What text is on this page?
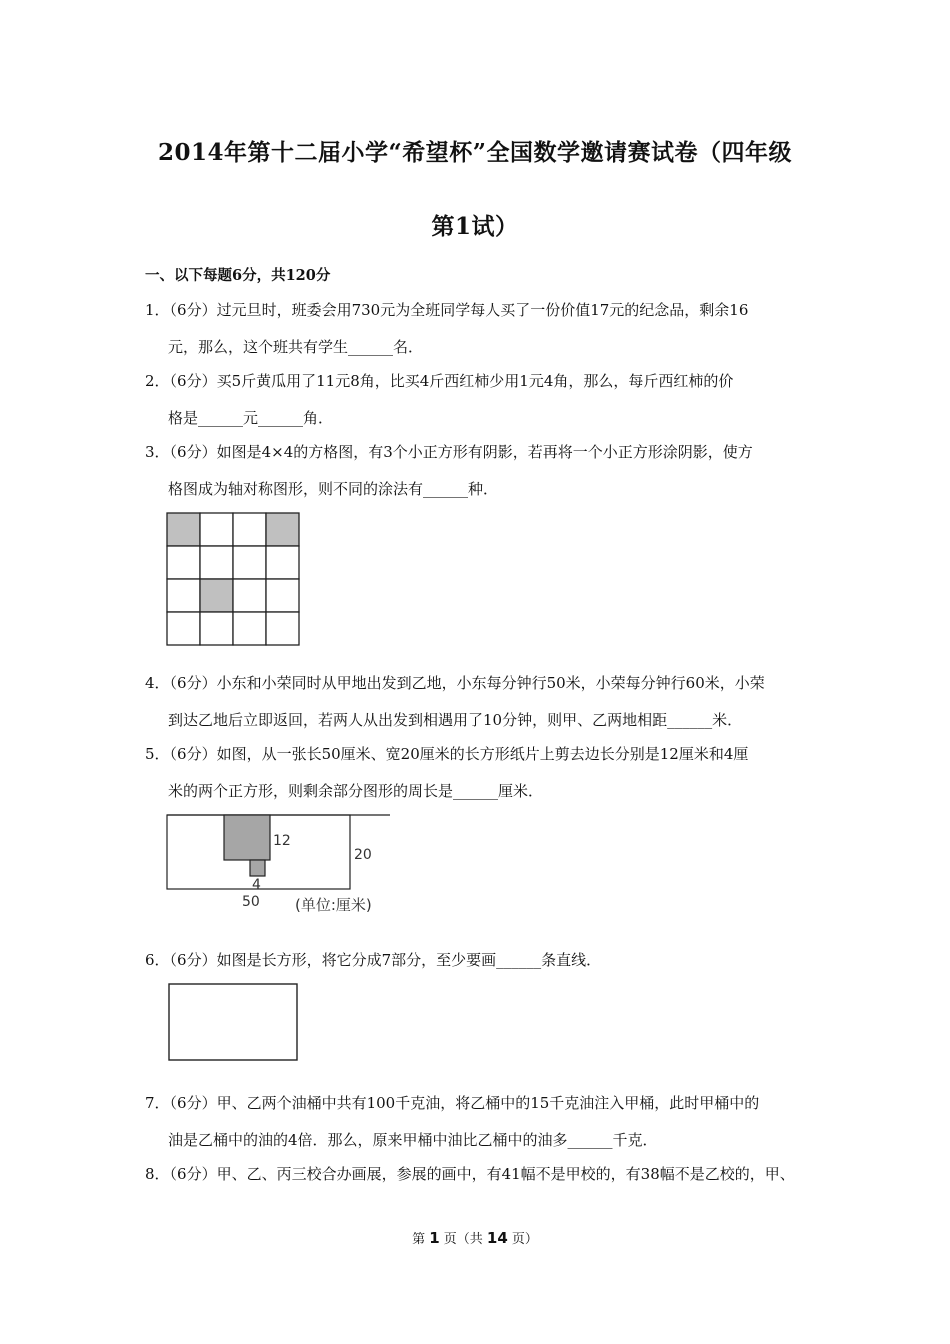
2014年第十二届小学“希望杯”全国数学邀请赛试卷（四年级
第1试）
一、以下每题6分，共120分
1．（6分）过元旦时，班委会用730元为全班同学每人买了一份价值17元的纪念品，剩余16
元，那么，这个班共有学生______名．
2．（6分）买5斤黄瓜用了11元8角，比买4斤西红柿少用1元4角，那么，每斤西红柿的价
格是______元______角．
3．（6分）如图是4×4的方格图，有3个小正方形有阴影，若再将一个小正方形涂阴影，使方
格图成为轴对称图形，则不同的涂法有______种．
4．（6分）小东和小荣同时从甲地出发到乙地，小东每分钟行50米，小荣每分钟行60米，小荣
到达乙地后立即返回，若两人从出发到相遇用了10分钟，则甲、乙两地相距______米．
5．（6分）如图，从一张长50厘米、宽20厘米的长方形纸片上剪去边长分别是12厘米和4厘
米的两个正方形，则剩余部分图形的周长是______厘米．
12
20
4
50 (单位:厘米)
6．（6分）如图是长方形，将它分成7部分，至少要画______条直线．
7．（6分）甲、乙两个油桶中共有100千克油，将乙桶中的15千克油注入甲桶，此时甲桶中的
油是乙桶中的油的4倍．那么，原来甲桶中油比乙桶中的油多______千克．
8．（6分）甲、乙、丙三校合办画展，参展的画中，有41幅不是甲校的，有38幅不是乙校的，甲、
第 1 页（共 14 页）
